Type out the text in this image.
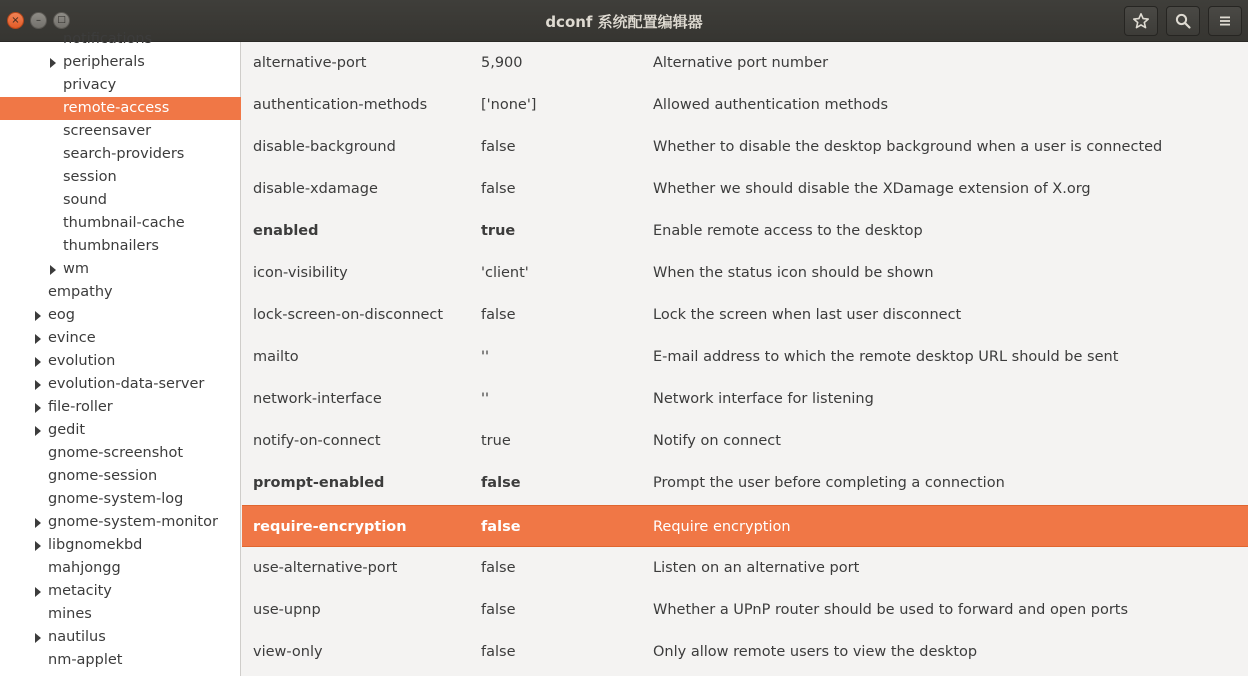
× – □	dconf 系统配置编辑器
notifications
peripherals
privacy
remote-access
screensaver
search-providers
session
sound
thumbnail-cache
thumbnailers
wm
empathy
eog
evince
evolution
evolution-data-server
file-roller
gedit
gnome-screenshot
gnome-session
gnome-system-log
gnome-system-monitor
libgnomekbd
mahjongg
metacity
mines
nautilus
nm-applet
alternative-port	5,900	Alternative port number
authentication-methods	['none']	Allowed authentication methods
disable-background	false	Whether to disable the desktop background when a user is connected
disable-xdamage	false	Whether we should disable the XDamage extension of X.org
enabled	true	Enable remote access to the desktop
icon-visibility	'client'	When the status icon should be shown
lock-screen-on-disconnect	false	Lock the screen when last user disconnect
mailto	''	E-mail address to which the remote desktop URL should be sent
network-interface	''	Network interface for listening
notify-on-connect	true	Notify on connect
prompt-enabled	false	Prompt the user before completing a connection
require-encryption	false	Require encryption
use-alternative-port	false	Listen on an alternative port
use-upnp	false	Whether a UPnP router should be used to forward and open ports
view-only	false	Only allow remote users to view the desktop
